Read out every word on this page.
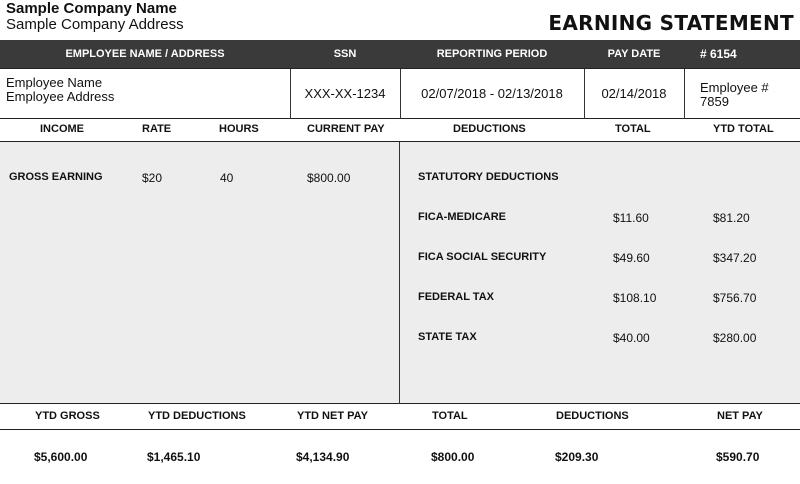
Sample Company Name
Sample Company Address	EARNING STATEMENT
EMPLOYEE NAME / ADDRESS	SSN	REPORTING PERIOD	PAY DATE	# 6154
Employee Name
Employee Address	XXX-XX-1234	02/07/2018 - 02/13/2018	02/14/2018	Employee #
7859
INCOME	RATE	HOURS	CURRENT PAY	DEDUCTIONS	TOTAL	YTD TOTAL
GROSS EARNING	$20	40	$800.00	STATUTORY DEDUCTIONS
FICA-MEDICARE	$11.60	$81.20
FICA SOCIAL SECURITY	$49.60	$347.20
FEDERAL TAX	$108.10	$756.70
STATE TAX	$40.00	$280.00
YTD GROSS	YTD DEDUCTIONS	YTD NET PAY	TOTAL	DEDUCTIONS	NET PAY
$5,600.00	$1,465.10	$4,134.90	$800.00	$209.30	$590.70
